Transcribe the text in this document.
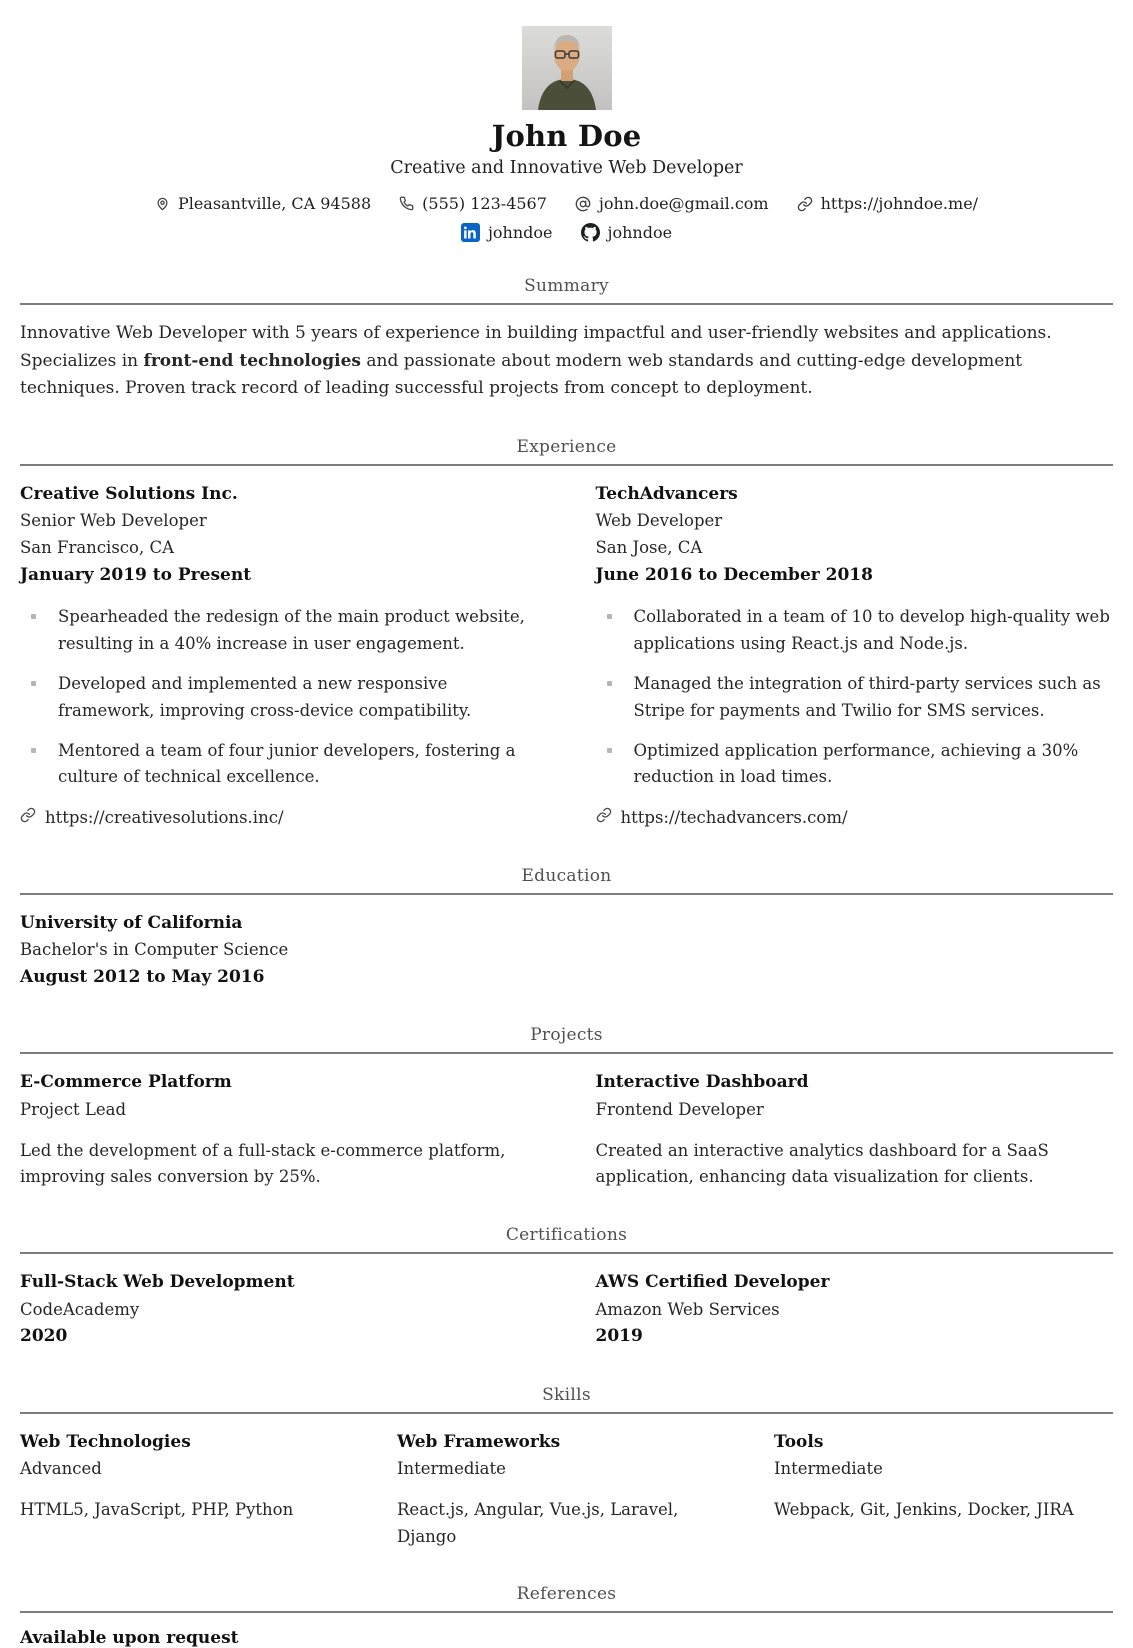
John Doe
Creative and Innovative Web Developer
Pleasantville, CA 94588	(555) 123-4567	john.doe@gmail.com	https://johndoe.me/
johndoe	johndoe
Summary

Innovative Web Developer with 5 years of experience in building impactful and user-friendly websites and applications. Specializes in front-end technologies and passionate about modern web standards and cutting-edge development techniques. Proven track record of leading successful projects from concept to deployment.

Experience
Creative Solutions Inc.
Senior Web Developer
San Francisco, CA
January 2019 to Present
Spearheaded the redesign of the main product website, resulting in a 40% increase in user engagement.
Developed and implemented a new responsive framework, improving cross-device compatibility.
Mentored a team of four junior developers, fostering a culture of technical excellence.
https://creativesolutions.inc/
TechAdvancers
Web Developer
San Jose, CA
June 2016 to December 2018
Collaborated in a team of 10 to develop high-quality web applications using React.js and Node.js.
Managed the integration of third-party services such as Stripe for payments and Twilio for SMS services.
Optimized application performance, achieving a 30% reduction in load times.
https://techadvancers.com/
Education
University of California
Bachelor's in Computer Science
August 2012 to May 2016
Projects
E-Commerce Platform
Project Lead
Led the development of a full-stack e-commerce platform, improving sales conversion by 25%.
Interactive Dashboard
Frontend Developer
Created an interactive analytics dashboard for a SaaS application, enhancing data visualization for clients.
Certifications
Full-Stack Web Development
CodeAcademy
2020
AWS Certified Developer
Amazon Web Services
2019
Skills
Web Technologies
Advanced
HTML5, JavaScript, PHP, Python
Web Frameworks
Intermediate
React.js, Angular, Vue.js, Laravel, Django
Tools
Intermediate
Webpack, Git, Jenkins, Docker, JIRA
References
Available upon request
